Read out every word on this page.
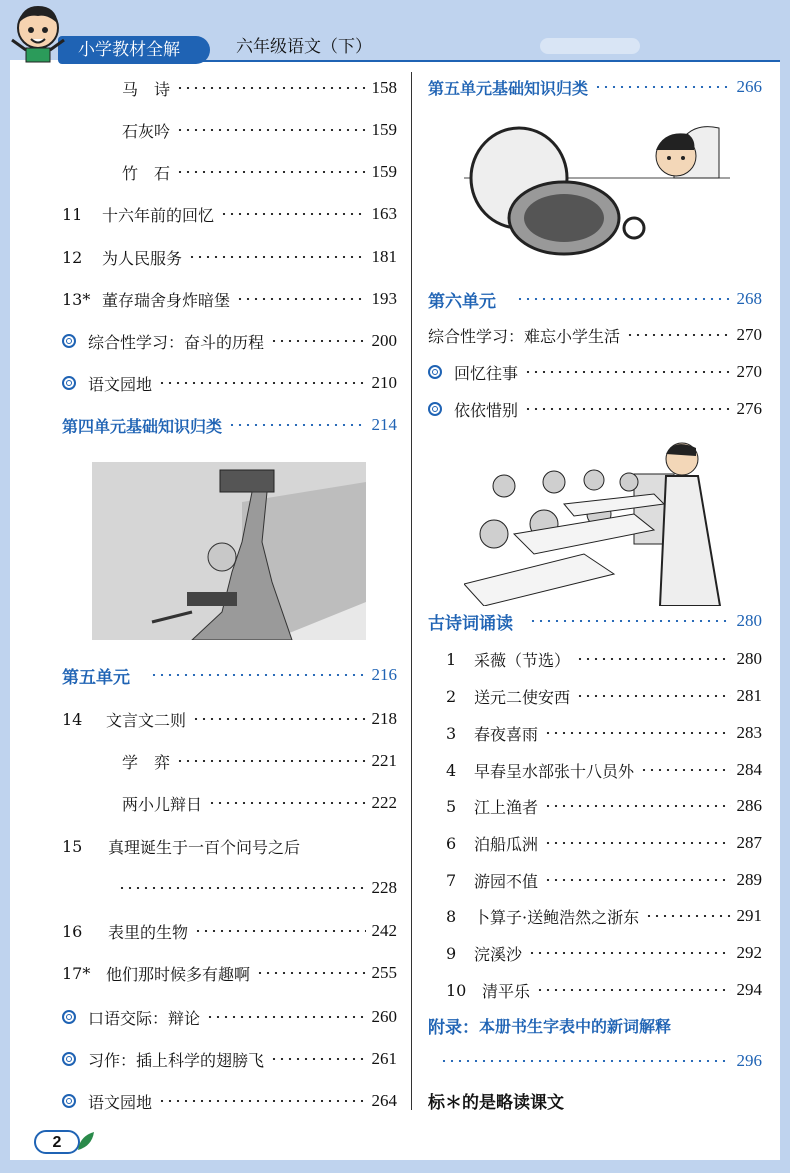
小学教材全解	六年级语文（下）
马　诗	158
石灰吟	159
竹　石	159
11	十六年前的回忆	163
12	为人民服务	181
13* 董存瑞舍身炸暗堡	193
综合性学习：奋斗的历程	200
语文园地	210
第四单元基础知识归类	214
第五单元	216
14	文言文二则	218
学　弈	221
两小儿辩日	222
15	真理诞生于一百个问号之后
228
16	表里的生物	242
17* 他们那时候多有趣啊	255
口语交际：辩论	260
习作：插上科学的翅膀飞	261
语文园地	264
第五单元基础知识归类	266
第六单元	268
综合性学习：难忘小学生活	270
回忆往事	270
依依惜别	276
古诗词诵读	280
1	采薇（节选）	280
2	送元二使安西	281
3	春夜喜雨	283
4	早春呈水部张十八员外	284
5	江上渔者	286
6	泊船瓜洲	287
7	游园不值	289
8	卜算子·送鲍浩然之浙东	291
9	浣溪沙	292
10 清平乐	294
附录： 本册书生字表中的新词解释
296
标＊的是略读课文
2
